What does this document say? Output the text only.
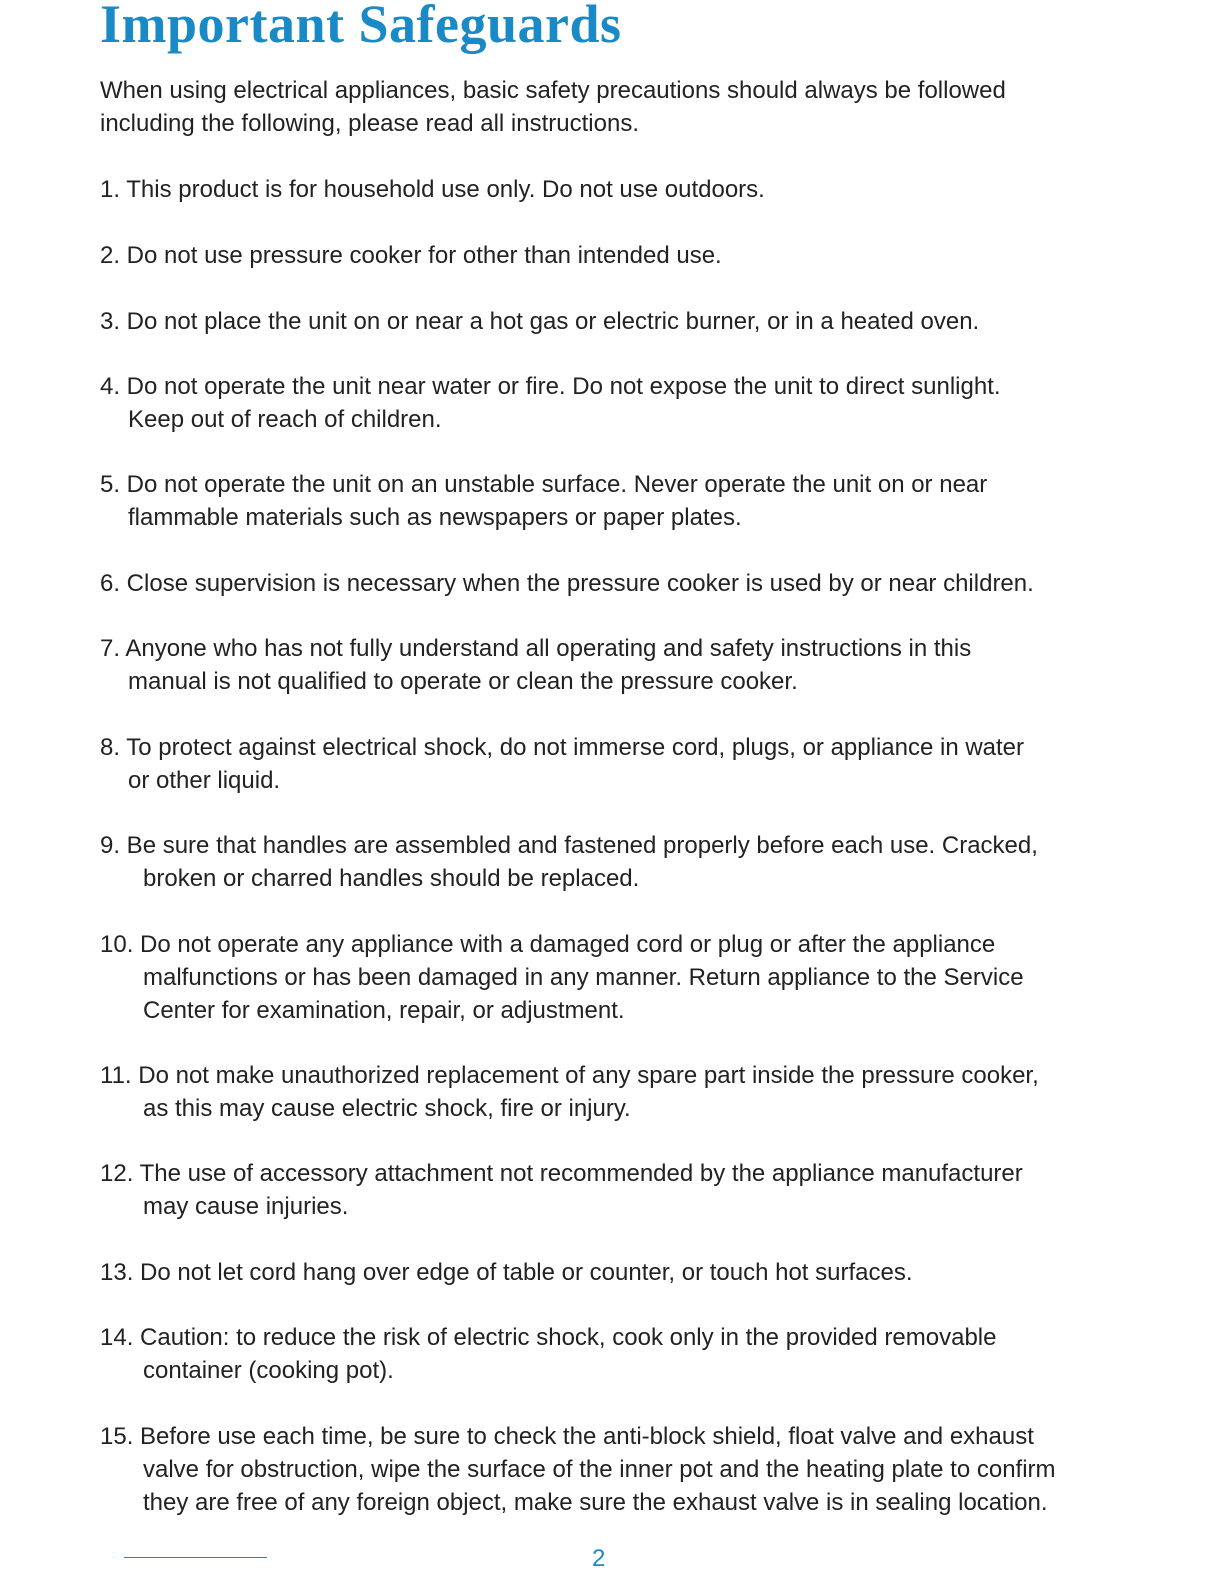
Important Safeguards

When using electrical appliances, basic safety precautions should always be followed
including the following, please read all instructions.

1. This product is for household use only. Do not use outdoors.
2. Do not use pressure cooker for other than intended use.
3. Do not place the unit on or near a hot gas or electric burner, or in a heated oven.
4. Do not operate the unit near water or fire. Do not expose the unit to direct sunlight.
Keep out of reach of children.
5. Do not operate the unit on an unstable surface. Never operate the unit on or near
flammable materials such as newspapers or paper plates.
6. Close supervision is necessary when the pressure cooker is used by or near children.
7. Anyone who has not fully understand all operating and safety instructions in this
manual is not qualified to operate or clean the pressure cooker.
8. To protect against electrical shock, do not immerse cord, plugs, or appliance in water
or other liquid.
9. Be sure that handles are assembled and fastened properly before each use. Cracked,
broken or charred handles should be replaced.
10. Do not operate any appliance with a damaged cord or plug or after the appliance
malfunctions or has been damaged in any manner. Return appliance to the Service
Center for examination, repair, or adjustment.
11. Do not make unauthorized replacement of any spare part inside the pressure cooker,
as this may cause electric shock, fire or injury.
12. The use of accessory attachment not recommended by the appliance manufacturer
may cause injuries.
13. Do not let cord hang over edge of table or counter, or touch hot surfaces.
14. Caution: to reduce the risk of electric shock, cook only in the provided removable
container (cooking pot).
15. Before use each time, be sure to check the anti-block shield, float valve and exhaust
valve for obstruction, wipe the surface of the inner pot and the heating plate to confirm
they are free of any foreign object, make sure the exhaust valve is in sealing location.
2
